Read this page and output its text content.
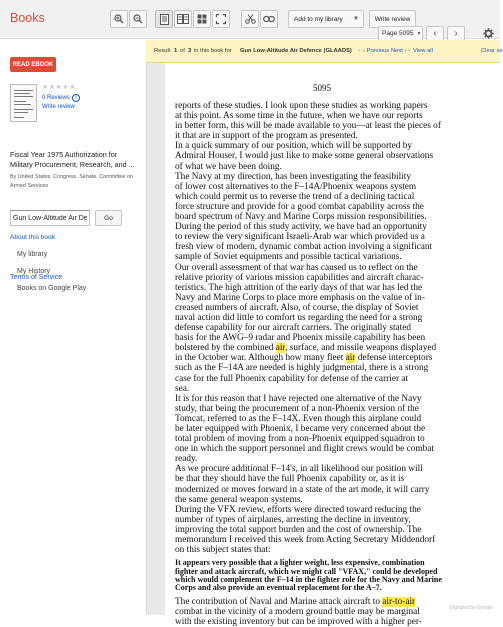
Books	Add to my library	▼	Write review
Page 5095 ▼	‹ ›
READ EBOOK
★★★★★
0 Reviews	i
Write review
Fiscal Year 1975 Authorization for Military Procurement, Research, and ...
By United States. Congress. Senate. Committee on Armed Services
Gun Low-Altitude Air De
Go
About this book
My library
My History
Books on Google Play
Terms of Service
Result 1 of 3 in this book for Gun Low-Altitude Air Defence (GLAADS) - ‹ Previous Next › - View all	Clear se
5095
reports of these studies. I look upon these studies as working papers
at this point. As some time in the future, when we have our reports
in better form, this will be made available to you—at least the pieces of
it that are in support of the program as presented.
In a quick summary of our position, which will be supported by
Admiral Houser, I would just like to make some general observations
of what we have been doing.
The Navy at my direction, has been investigating the feasibility
of lower cost alternatives to the F–14A/Phoenix weapons system
which could permit us to reverse the trend of a declining tactical
force structure and provide for a good combat capability across the
board spectrum of Navy and Marine Corps mission responsibilities.
During the period of this study activity, we have had an opportunity
to review the very significant Israeli-Arab war which provided us a
fresh view of modern, dynamic combat action involving a significant
sample of Soviet equipments and possible tactical variations.
Our overall assessment of that war has caused us to reflect on the
relative priority of various mission capabilities and aircraft charac-
teristics. The high attrition of the early days of that war has led the
Navy and Marine Corps to place more emphasis on the value of in-
creased numbers of aircraft. Also, of course, the display of Soviet
naval action did little to comfort us regarding the need for a strong
defense capability for our aircraft carriers. The originally stated
basis for the AWG–9 radar and Phoenix missile capability has been
bolstered by the combined air, surface, and missile weapons displayed
in the October war. Although how many fleet air defense interceptors
such as the F–14A are needed is highly judgmental, there is a strong
case for the full Phoenix capability for defense of the carrier at
sea.
It is for this reason that I have rejected one alternative of the Navy
study, that being the procurement of a non-Phoenix version of the
Tomcat, referred to as the F–14X. Even though this airplane could
be later equipped with Phoenix, I became very concerned about the
total problem of moving from a non-Phoenix equipped squadron to
one in which the support personnel and flight crews would be combat
ready.
As we procure additional F–14's, in all likelihood our position will
be that they should have the full Phoenix capability or, as it is
modernized or moves forward in a state of the art mode, it will carry
the same general weapon systems.
During the VFX review, efforts were directed toward reducing the
number of types of airplanes, arresting the decline in inventory,
improving the total support burden and the cost of ownership. The
memorandum I received this week from Acting Secretary Middendorf
on this subject states that:
It appears very possible that a lighter weight, less expensive, combination
fighter and attack aircraft, which we might call "VFAX," could be developed
which would complement the F–14 in the fighter role for the Navy and Marine
Corps and also provide an eventual replacement for the A–7.
The contribution of Naval and Marine attack aircraft to air-to-air
combat in the vicinity of a modern ground battle may be marginal
with the existing inventory but can be improved with a higher per-
Digitized by Google
